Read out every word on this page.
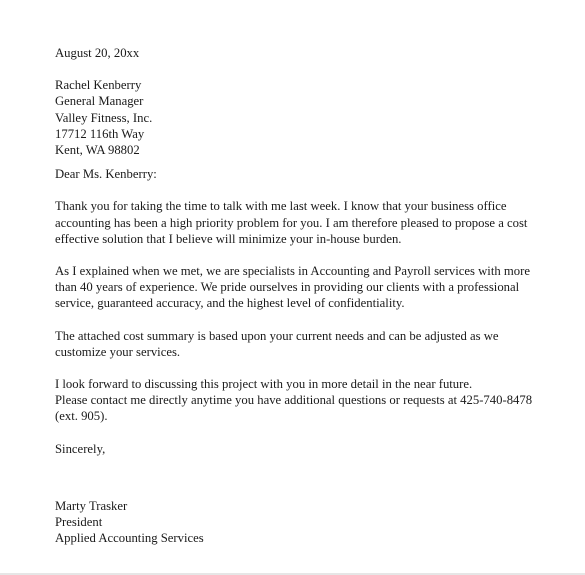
August 20, 20xx
Rachel Kenberry
General Manager
Valley Fitness, Inc.
17712 116th Way
Kent, WA 98802
Dear Ms. Kenberry:
Thank you for taking the time to talk with me last week. I know that your business office
accounting has been a high priority problem for you. I am therefore pleased to propose a cost
effective solution that I believe will minimize your in-house burden.
As I explained when we met, we are specialists in Accounting and Payroll services with more
than 40 years of experience. We pride ourselves in providing our clients with a professional
service, guaranteed accuracy, and the highest level of confidentiality.
The attached cost summary is based upon your current needs and can be adjusted as we
customize your services.
I look forward to discussing this project with you in more detail in the near future.
Please contact me directly anytime you have additional questions or requests at 425-740-8478
(ext. 905).
Sincerely,
Marty Trasker
President
Applied Accounting Services
